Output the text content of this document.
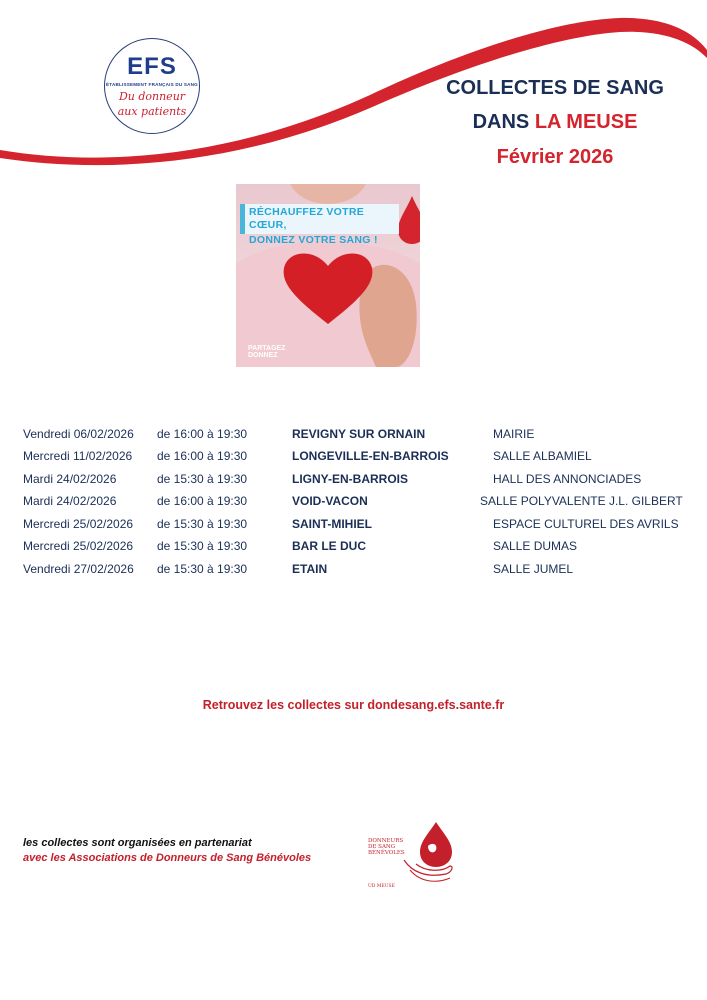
EFS
ÉTABLISSEMENT FRANÇAIS DU SANG
Du donneur
aux patients
COLLECTES DE SANG
DANS LA MEUSE
Février 2026
RÉCHAUFFEZ VOTRE CŒUR,
DONNEZ VOTRE SANG !
PARTAGEZ
DONNEZ
Vendredi 06/02/2026 de 16:00 à 19:30	REVIGNY SUR ORNAIN	MAIRIE
Mercredi 11/02/2026 de 16:00 à 19:30	LONGEVILLE-EN-BARROIS	SALLE ALBAMIEL
Mardi 24/02/2026	de 15:30 à 19:30	LIGNY-EN-BARROIS	HALL DES ANNONCIADES
Mardi 24/02/2026	de 16:00 à 19:30	VOID-VACON	SALLE POLYVALENTE J.L. GILBERT
Mercredi 25/02/2026 de 15:30 à 19:30	SAINT-MIHIEL	ESPACE CULTUREL DES AVRILS
Mercredi 25/02/2026 de 15:30 à 19:30	BAR LE DUC	SALLE DUMAS
Vendredi 27/02/2026 de 15:30 à 19:30	ETAIN	SALLE JUMEL
Retrouvez les collectes sur dondesang.efs.sante.fr
les collectes sont organisées en partenariat
avec les Associations de Donneurs de Sang Bénévoles
DONNEURS
DE SANG
BÉNÉVOLES
UD MEUSE
